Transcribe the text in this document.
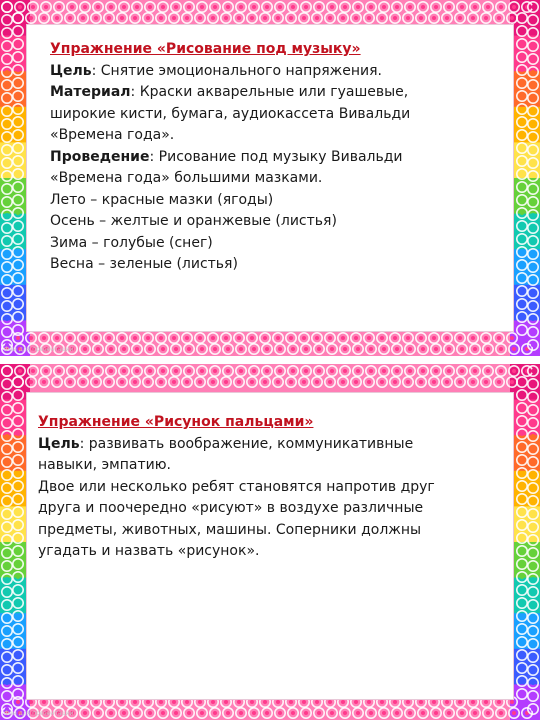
Упражнение «Рисование под музыку»
Цель: Снятие эмоционального напряжения.
Материал: Краски акварельные или гуашевые,
широкие кисти, бумага, аудиокассета Вивальди
«Времена года».
Проведение: Рисование под музыку Вивальди
«Времена года» большими мазками.
Лето – красные мазки (ягоды)
Осень – желтые и оранжевые (листья)
Зима – голубые (снег)
Весна – зеленые (листья)
Фон для презентации
Упражнение «Рисунок пальцами»
Цель: развивать воображение, коммуникативные
навыки, эмпатию.
Двое или несколько ребят становятся напротив друг
друга и поочередно «рисуют» в воздухе различные
предметы, животных, машины. Соперники должны
угадать и назвать «рисунок».
Фон для презентации
